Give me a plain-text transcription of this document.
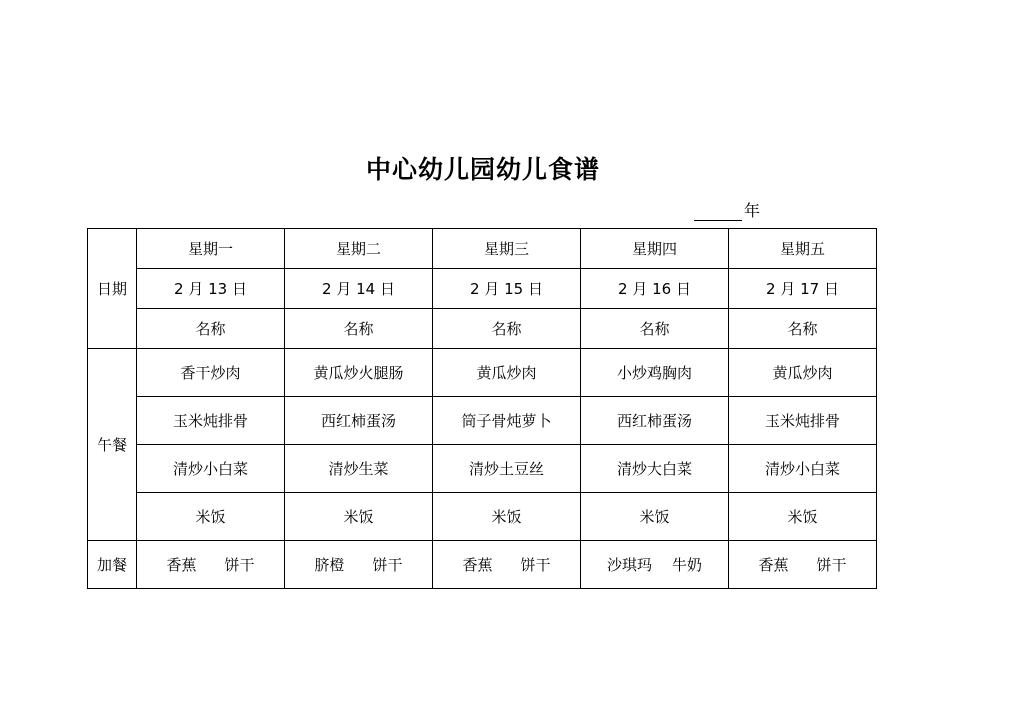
中心幼儿园幼儿食谱
年
日期	星期一	星期二	星期三	星期四	星期五
	2 月 13 日	2 月 14 日	2 月 15 日	2 月 16 日	2 月 17 日
	名称	名称	名称	名称	名称
午餐	香干炒肉	黄瓜炒火腿肠	黄瓜炒肉	小炒鸡胸肉	黄瓜炒肉
	玉米炖排骨	西红柿蛋汤	筒子骨炖萝卜	西红柿蛋汤	玉米炖排骨
	清炒小白菜	清炒生菜	清炒土豆丝	清炒大白菜	清炒小白菜
	米饭	米饭	米饭	米饭	米饭
加餐	香蕉 饼干	脐橙 饼干	香蕉 饼干	沙琪玛 牛奶	香蕉 饼干
